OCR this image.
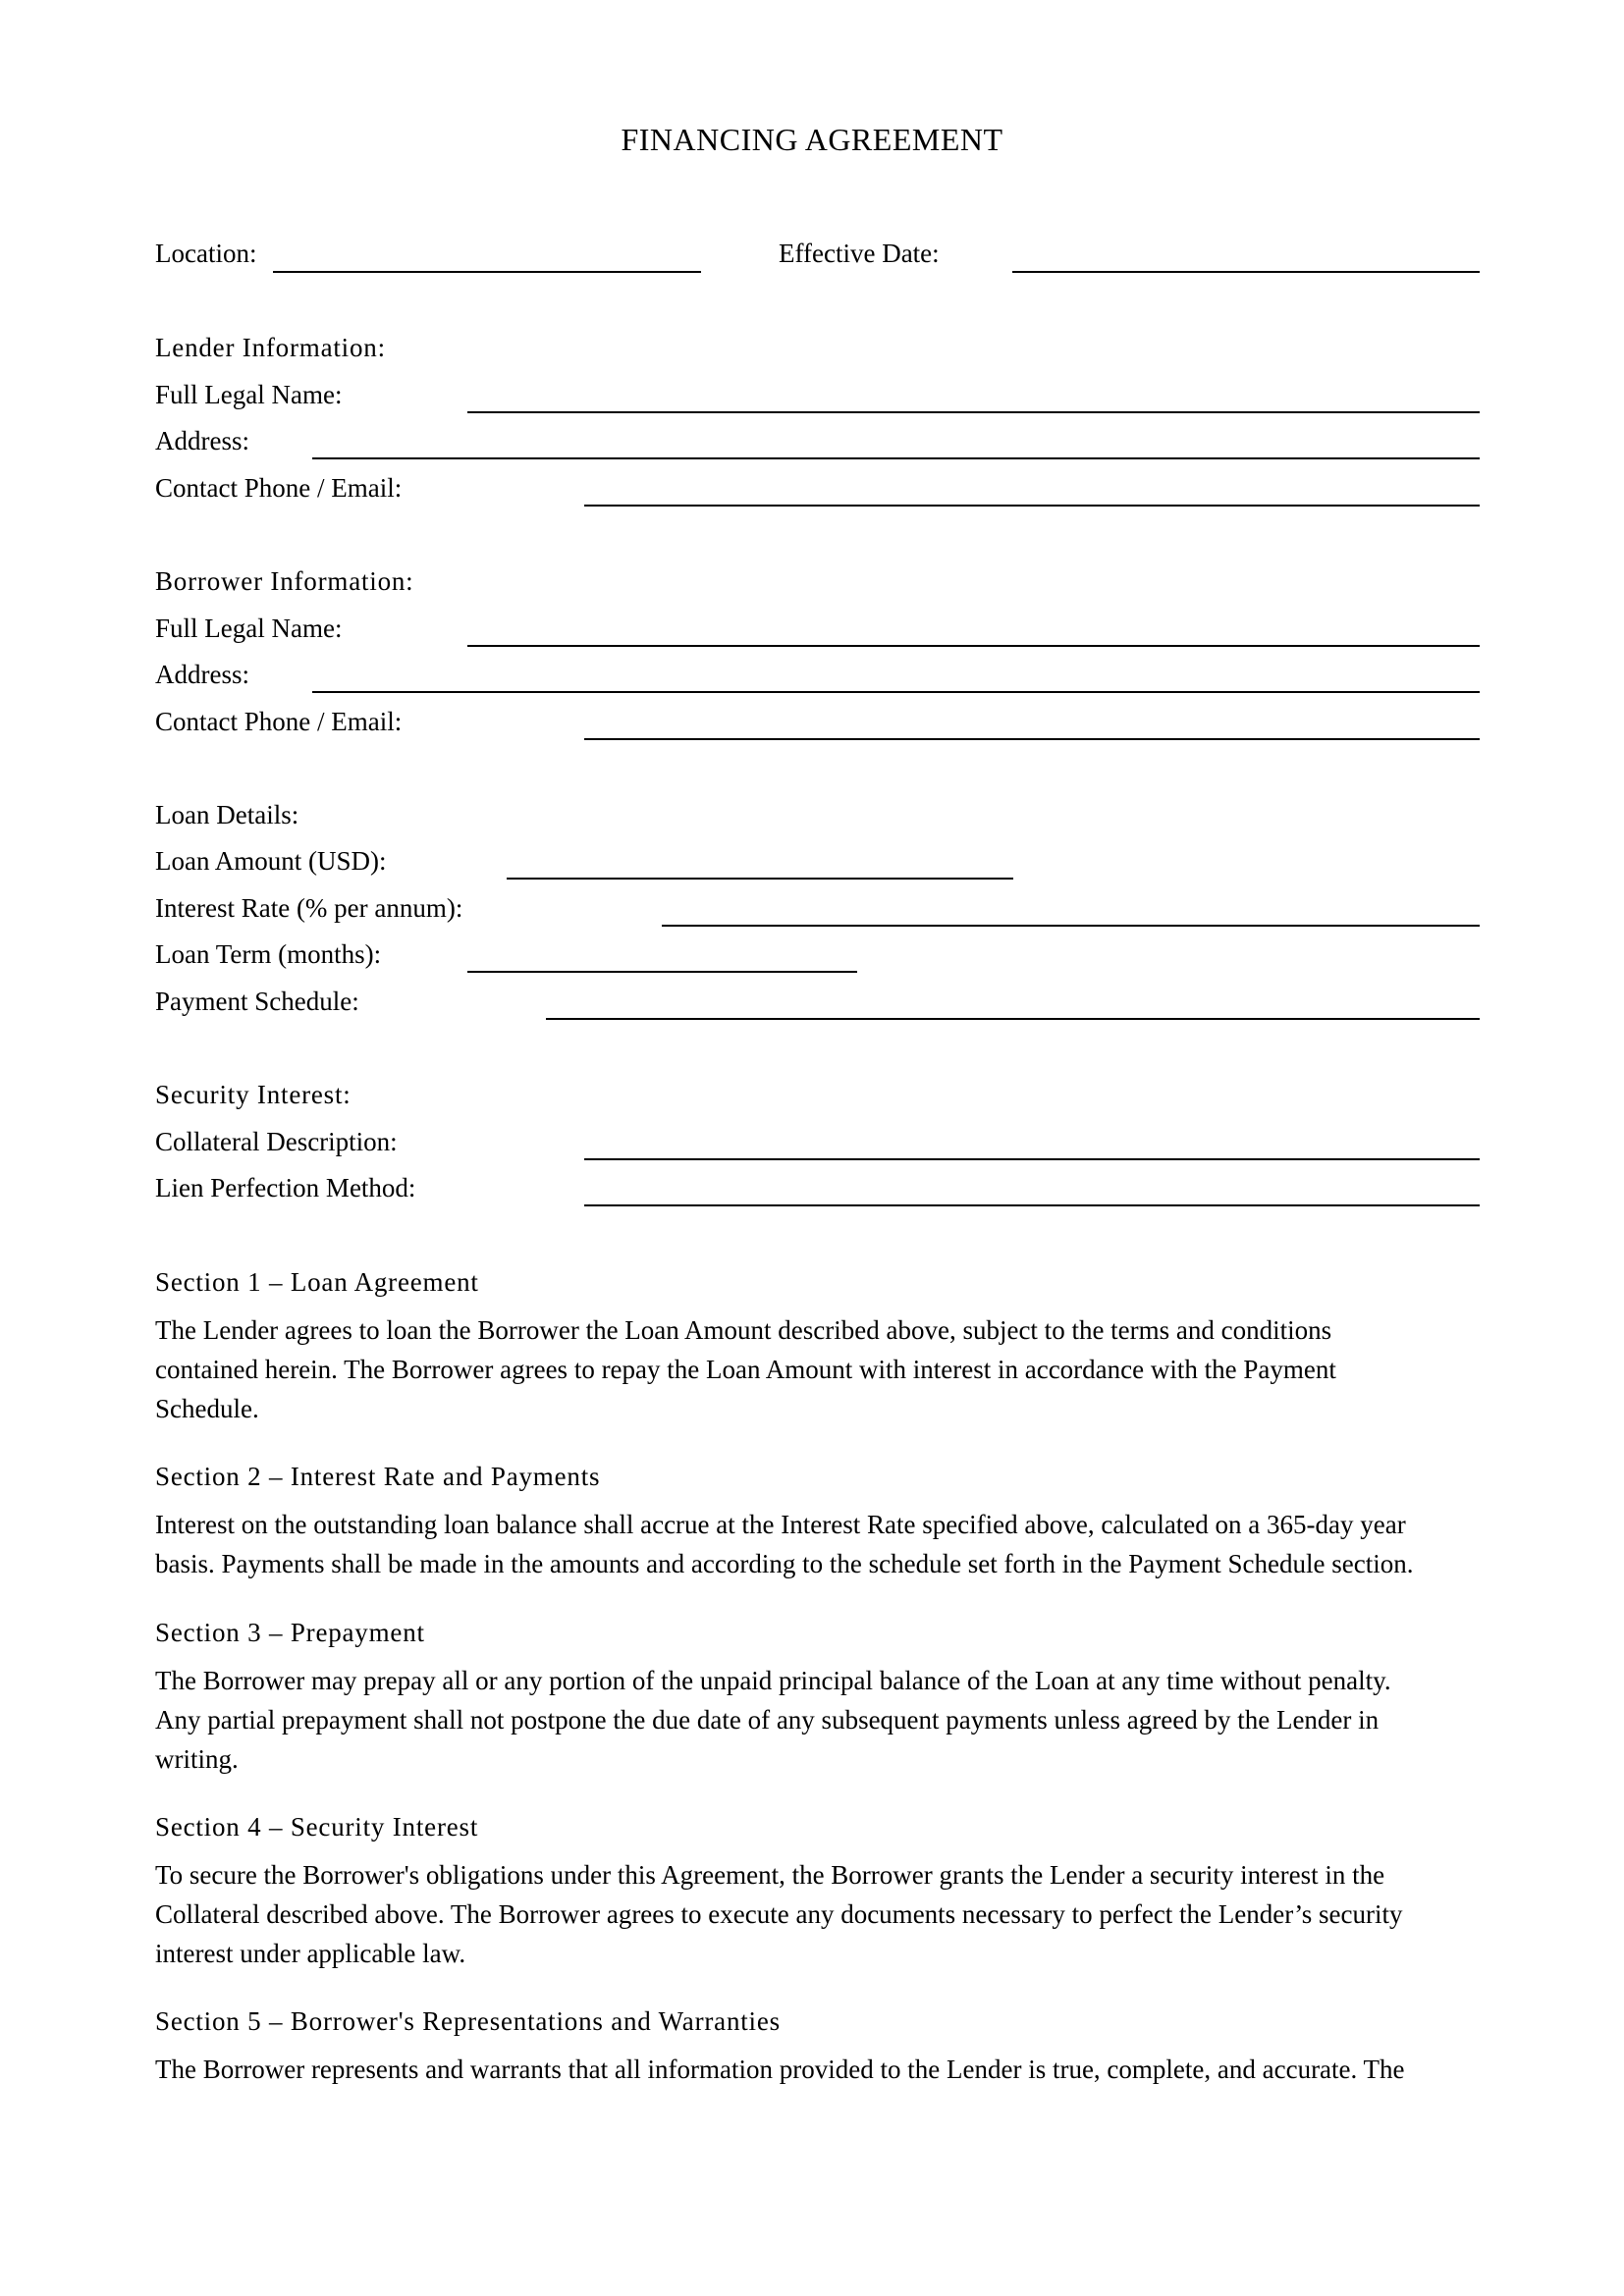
FINANCING AGREEMENT
Location:	Effective Date:
Lender Information:
Full Legal Name:
Address:
Contact Phone / Email:
Borrower Information:
Full Legal Name:
Address:
Contact Phone / Email:
Loan Details:
Loan Amount (USD):
Interest Rate (% per annum):
Loan Term (months):
Payment Schedule:
Security Interest:
Collateral Description:
Lien Perfection Method:
Section 1 – Loan Agreement
The Lender agrees to loan the Borrower the Loan Amount described above, subject to the terms and conditions
contained herein. The Borrower agrees to repay the Loan Amount with interest in accordance with the Payment
Schedule.
Section 2 – Interest Rate and Payments
Interest on the outstanding loan balance shall accrue at the Interest Rate specified above, calculated on a 365-day year
basis. Payments shall be made in the amounts and according to the schedule set forth in the Payment Schedule section.
Section 3 – Prepayment
The Borrower may prepay all or any portion of the unpaid principal balance of the Loan at any time without penalty.
Any partial prepayment shall not postpone the due date of any subsequent payments unless agreed by the Lender in
writing.
Section 4 – Security Interest
To secure the Borrower's obligations under this Agreement, the Borrower grants the Lender a security interest in the
Collateral described above. The Borrower agrees to execute any documents necessary to perfect the Lender’s security
interest under applicable law.
Section 5 – Borrower's Representations and Warranties
The Borrower represents and warrants that all information provided to the Lender is true, complete, and accurate. The
